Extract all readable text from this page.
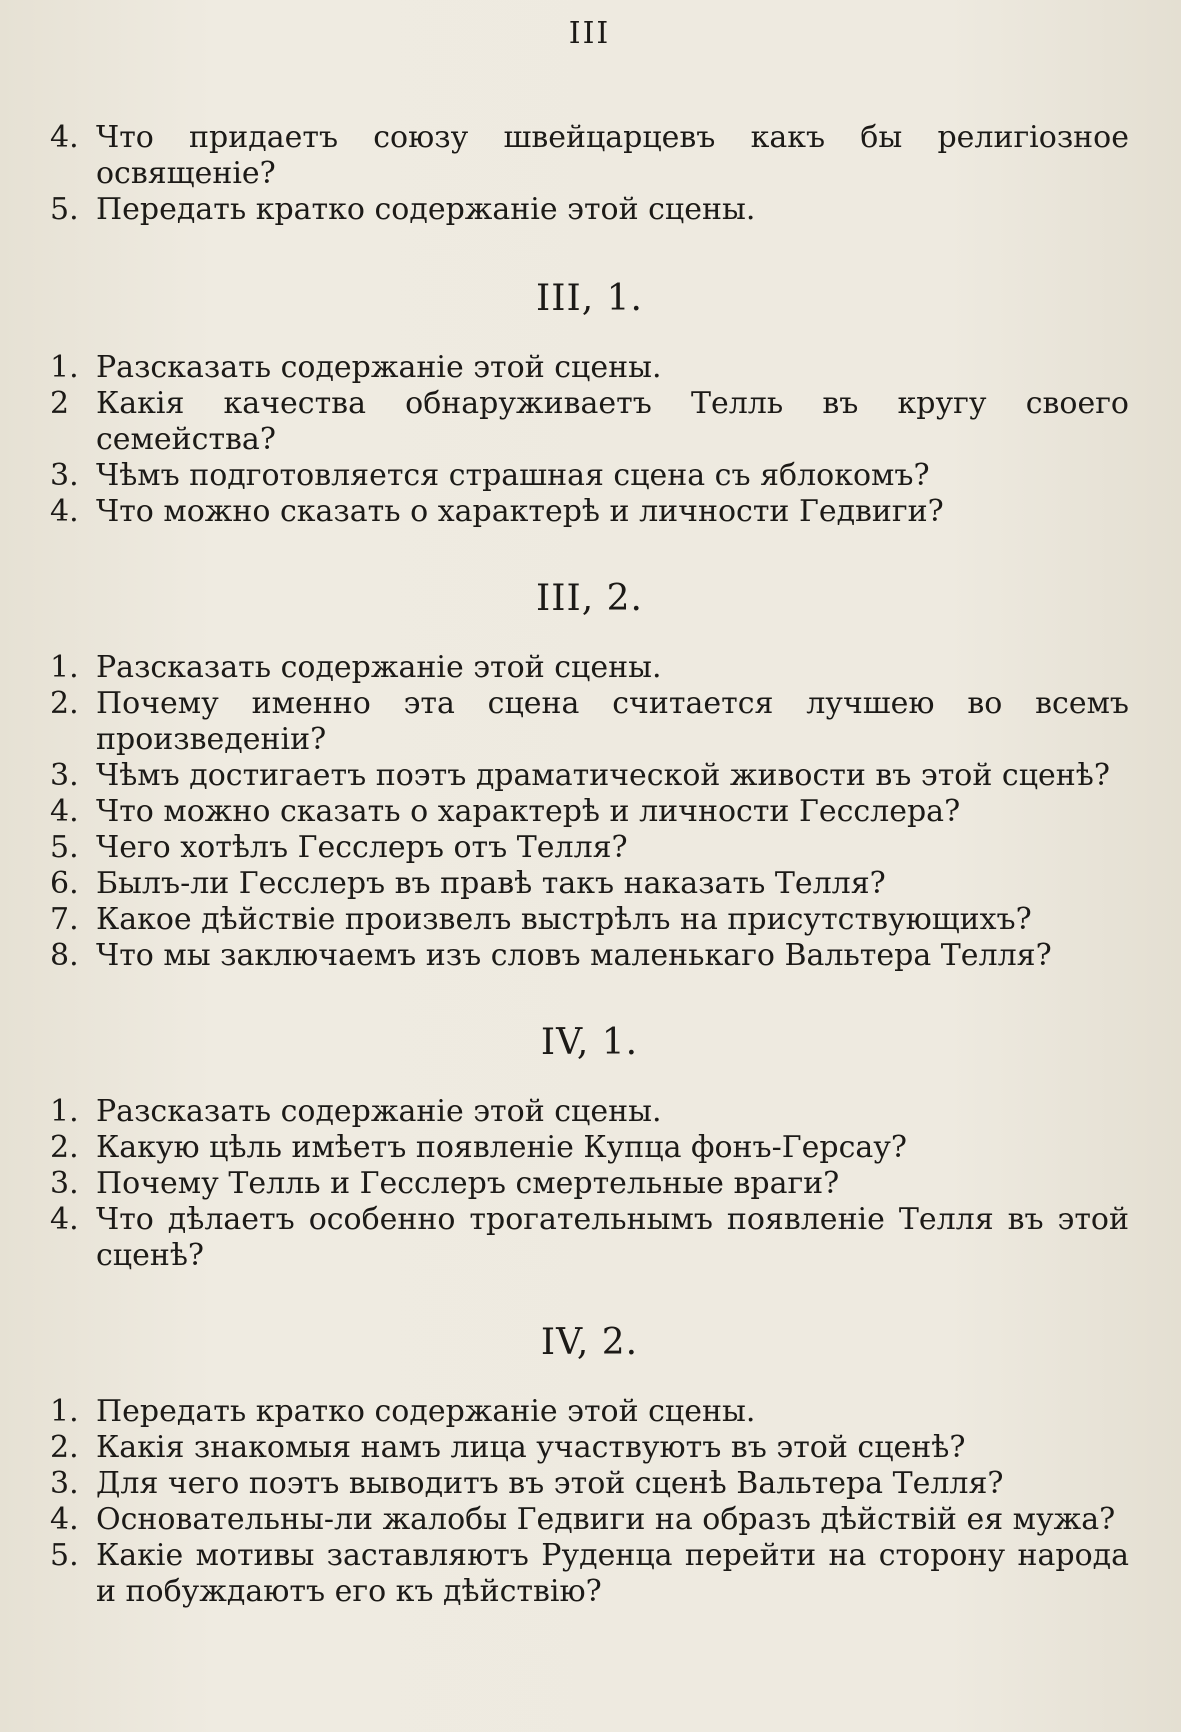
III
4. Что придаетъ союзу швейцарцевъ какъ бы религіозное освященіе?
5. Передать кратко содержаніе этой сцены.
III, 1.
1. Разсказать содержаніе этой сцены.
2 Какія качества обнаруживаетъ Телль въ кругу своего семейства?
3. Чѣмъ подготовляется страшная сцена съ яблокомъ?
4. Что можно сказать о характерѣ и личности Гедвиги?
III, 2.
1. Разсказать содержаніе этой сцены.
2. Почему именно эта сцена считается лучшею во всемъ произведеніи?
3. Чѣмъ достигаетъ поэтъ драматической живости въ этой сценѣ?
4. Что можно сказать о характерѣ и личности Гесслера?
5. Чего хотѣлъ Гесслеръ отъ Телля?
6. Былъ-ли Гесслеръ въ правѣ такъ наказать Телля?
7. Какое дѣйствіе произвелъ выстрѣлъ на присутствующихъ?
8. Что мы заключаемъ изъ словъ маленькаго Вальтера Телля?
IV, 1.
1. Разсказать содержаніе этой сцены.
2. Какую цѣль имѣетъ появленіе Купца фонъ-Герсау?
3. Почему Телль и Гесслеръ смертельные враги?
4. Что дѣлаетъ особенно трогательнымъ появленіе Телля въ этой сценѣ?
IV, 2.
1. Передать кратко содержаніе этой сцены.
2. Какія знакомыя намъ лица участвуютъ въ этой сценѣ?
3. Для чего поэтъ выводитъ въ этой сценѣ Вальтера Телля?
4. Основательны-ли жалобы Гедвиги на образъ дѣйствій ея мужа?
5. Какіе мотивы заставляютъ Руденца перейти на сторону народа и побуждаютъ его къ дѣйствію?
